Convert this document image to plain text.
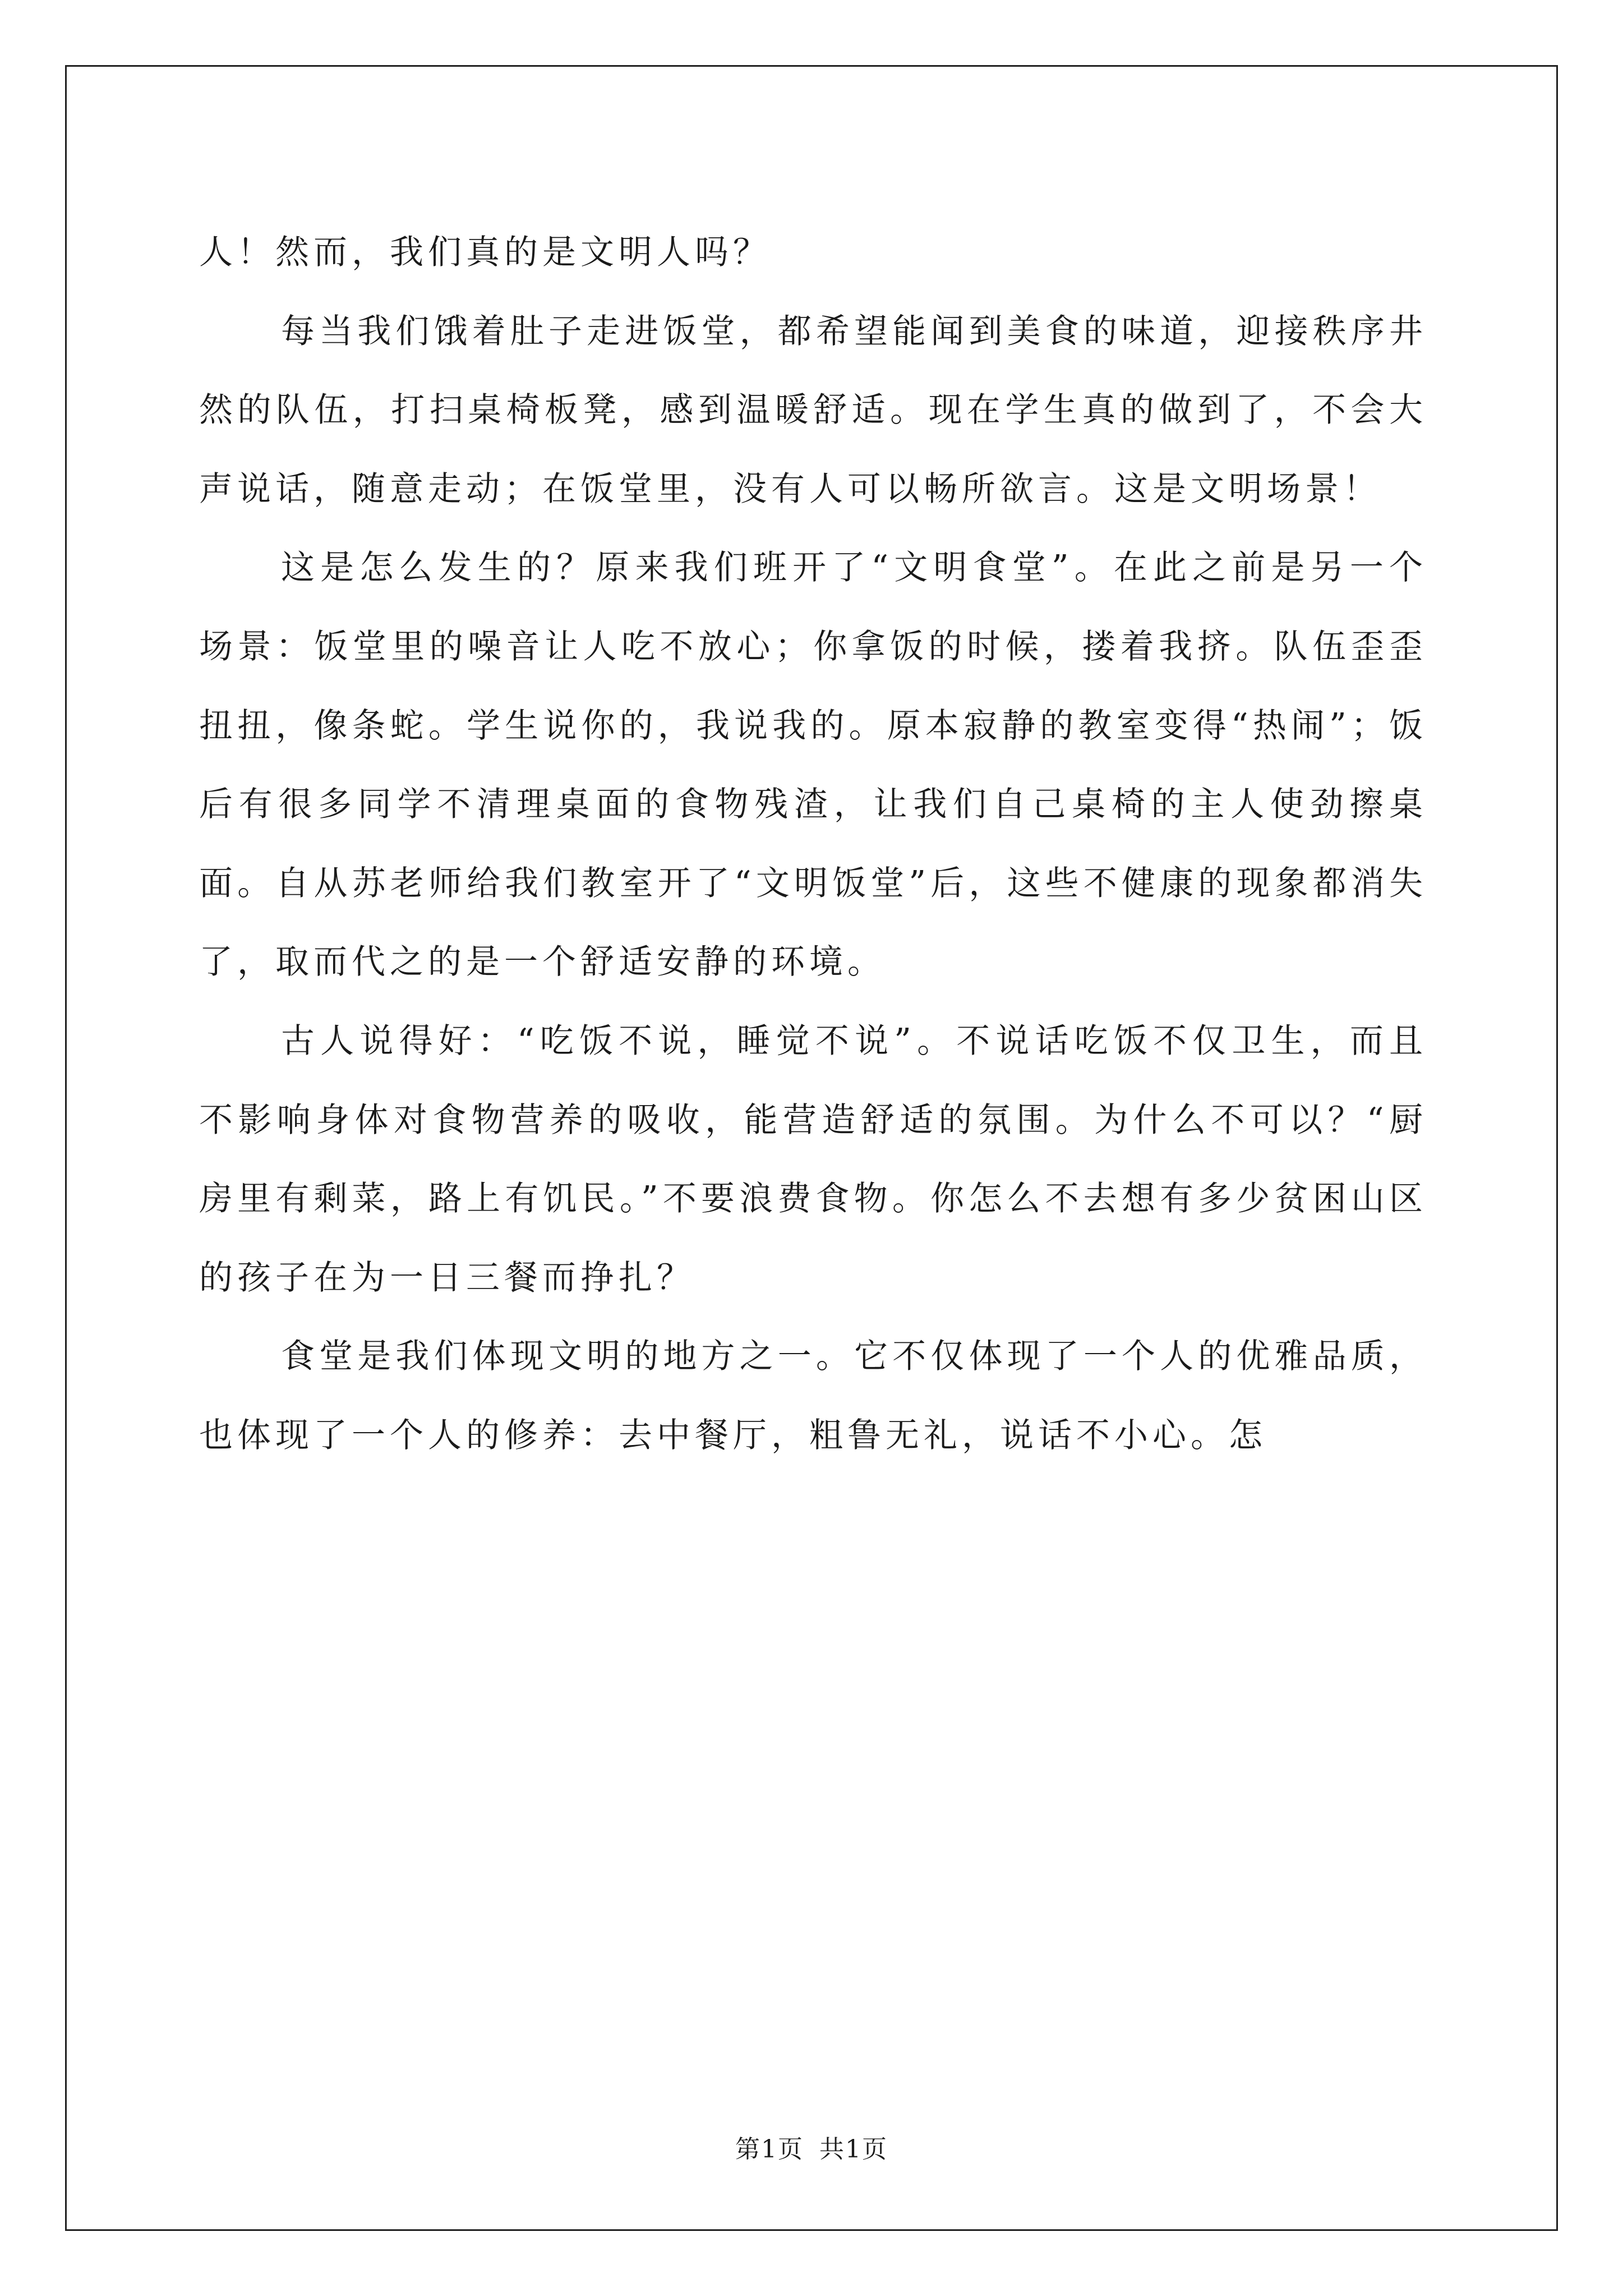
人！然而，我们真的是文明人吗？

每当我们饿着肚子走进饭堂，都希望能闻到美食的味道，迎接秩序井然的队伍，打扫桌椅板凳，感到温暖舒适。现在学生真的做到了，不会大声说话，随意走动；在饭堂里，没有人可以畅所欲言。这是文明场景！

这是怎么发生的？原来我们班开了“文明食堂”。在此之前是另一个场景：饭堂里的噪音让人吃不放心；你拿饭的时候，搂着我挤。队伍歪歪扭扭，像条蛇。学生说你的，我说我的。原本寂静的教室变得“热闹”；饭后有很多同学不清理桌面的食物残渣，让我们自己桌椅的主人使劲擦桌面。自从苏老师给我们教室开了“文明饭堂”后，这些不健康的现象都消失了，取而代之的是一个舒适安静的环境。

古人说得好：“吃饭不说，睡觉不说”。不说话吃饭不仅卫生，而且不影响身体对食物营养的吸收，能营造舒适的氛围。为什么不可以？“厨房里有剩菜，路上有饥民。”不要浪费食物。你怎么不去想有多少贫困山区的孩子在为一日三餐而挣扎？

食堂是我们体现文明的地方之一。它不仅体现了一个人的优雅品质，也体现了一个人的修养：去中餐厅，粗鲁无礼，说话不小心。怎

第1页 共1页
